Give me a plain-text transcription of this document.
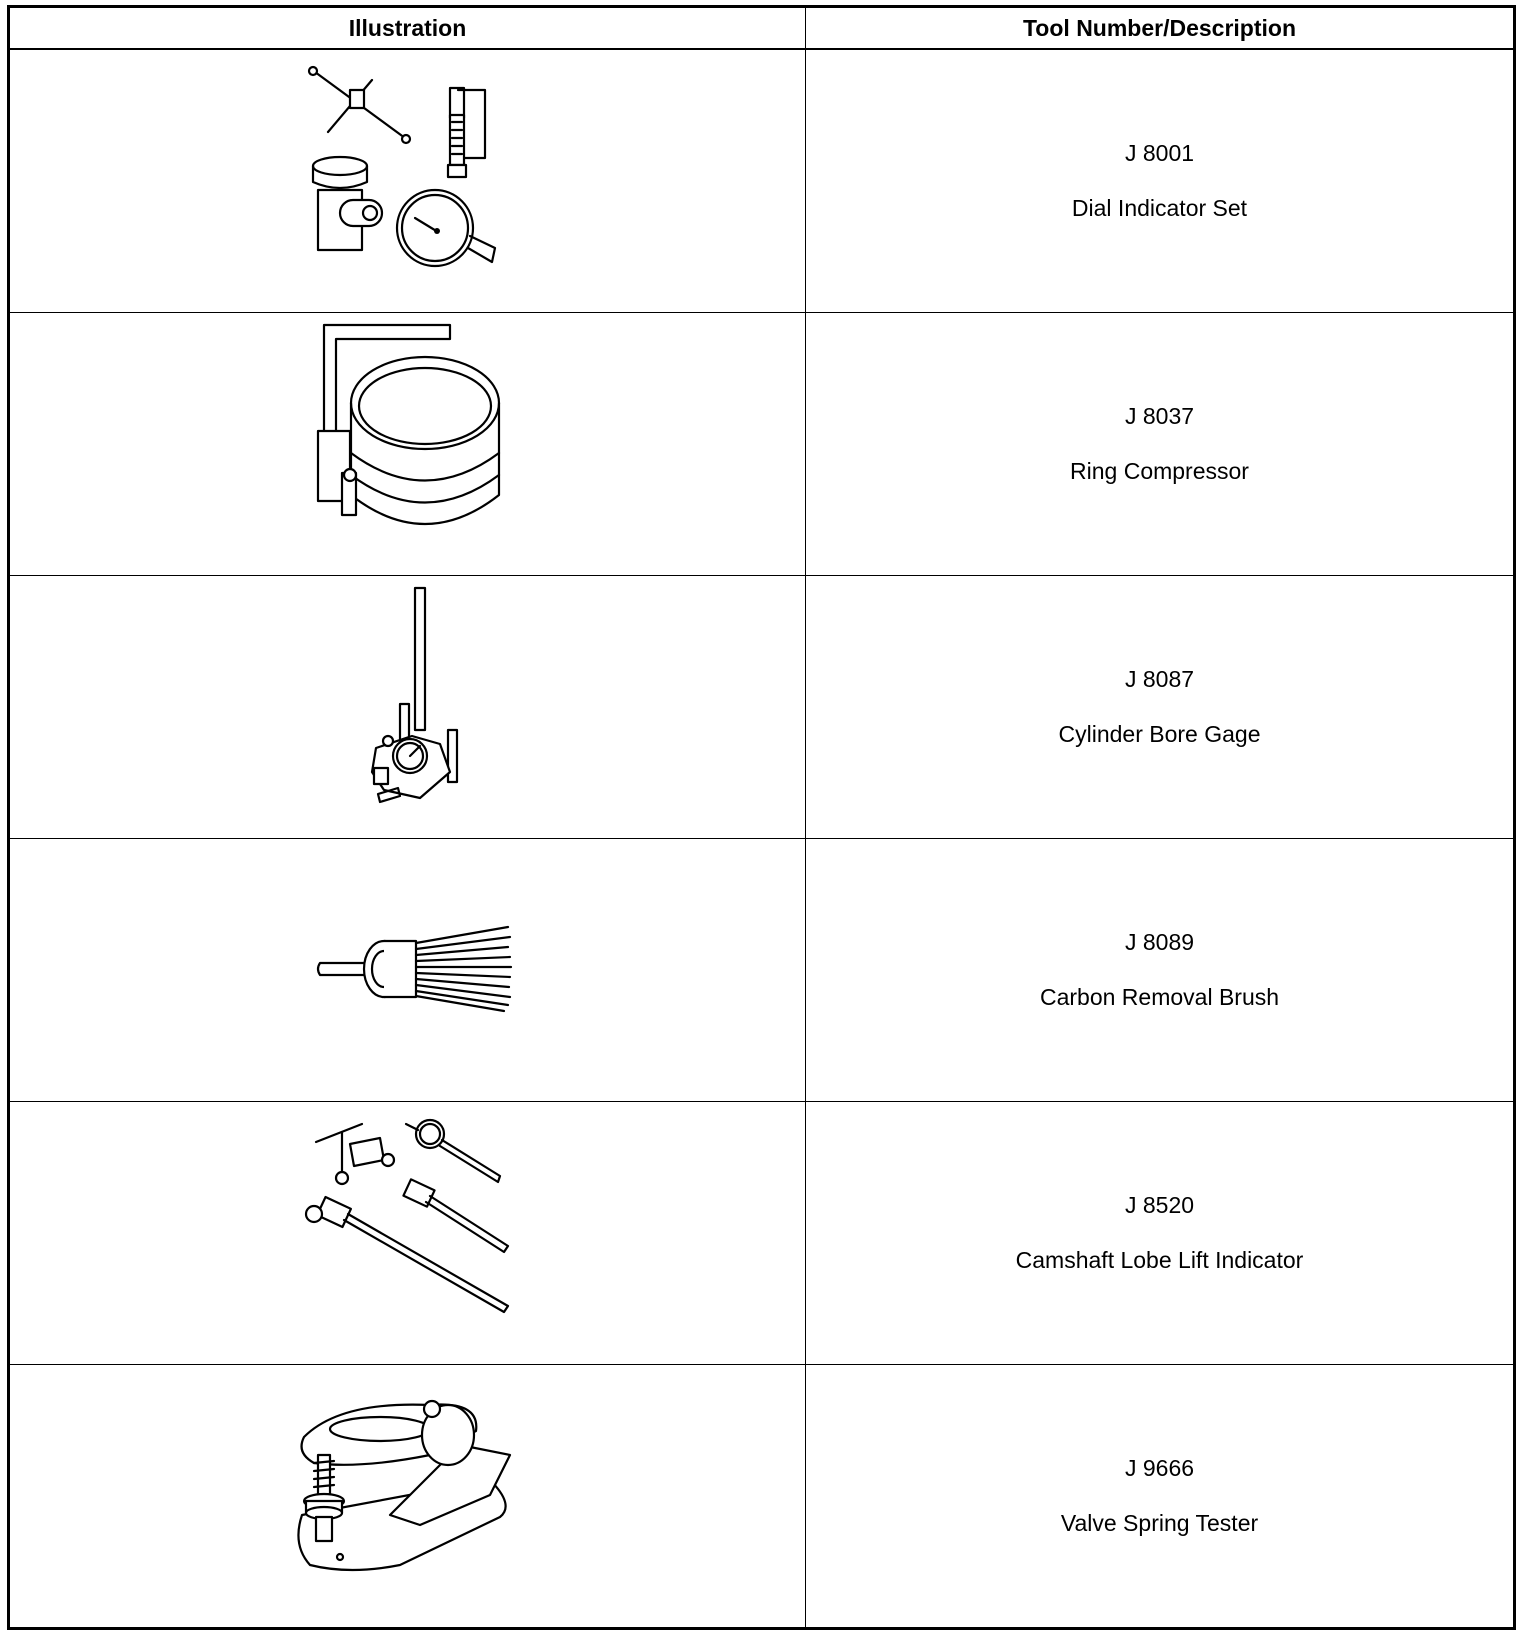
Illustration	Tool Number/Description

J 8001
Dial Indicator Set

J 8037
Ring Compressor

J 8087
Cylinder Bore Gage

J 8089
Carbon Removal Brush

J 8520
Camshaft Lobe Lift Indicator

J 9666
Valve Spring Tester
